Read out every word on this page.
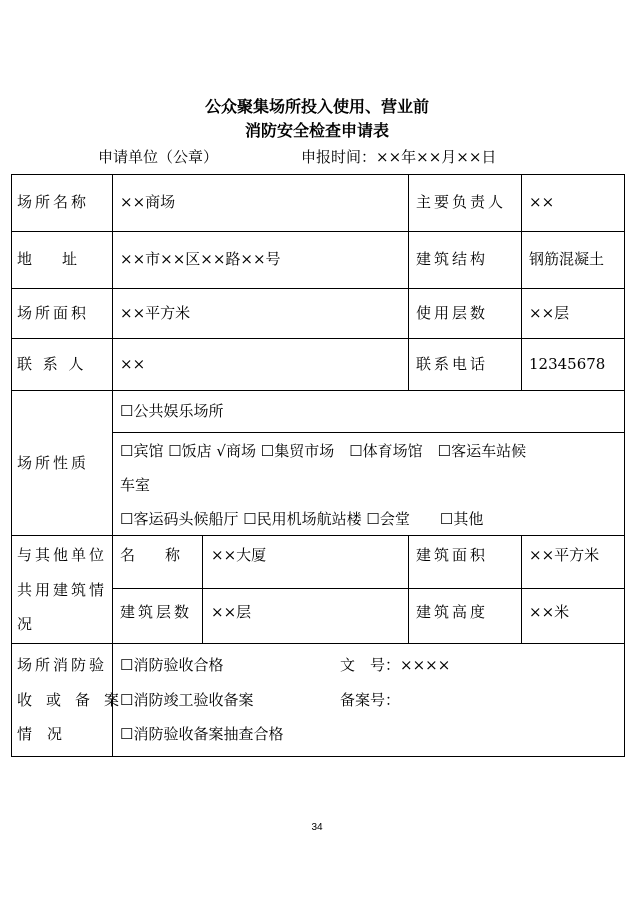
公众聚集场所投入使用、营业前
消防安全检查申请表
申请单位（公章）	申报时间：××年××月××日
场所名称 ××商场	主要负责人 ××
地　　址	××市××区××路××号	建筑结构	钢筋混凝土
场所面积 ××平方米	使用层数	××层
联 系 人 ××	联系电话	12345678
场所性质
☐公共娱乐场所
☐宾馆 ☐饭店 √商场 ☐集贸市场　☐体育场馆　☐客运车站候
车室
☐客运码头候船厅 ☐民用机场航站楼 ☐会堂　　☐其他
与其他单位
共用建筑情
况
名　　称 ××大厦	建筑面积	××平方米
建筑层数 ××层	建筑高度	××米
场所消防验
收或备案
情　况
☐消防验收合格	文　号：××××
☐消防竣工验收备案	备案号：
☐消防验收备案抽查合格
34
